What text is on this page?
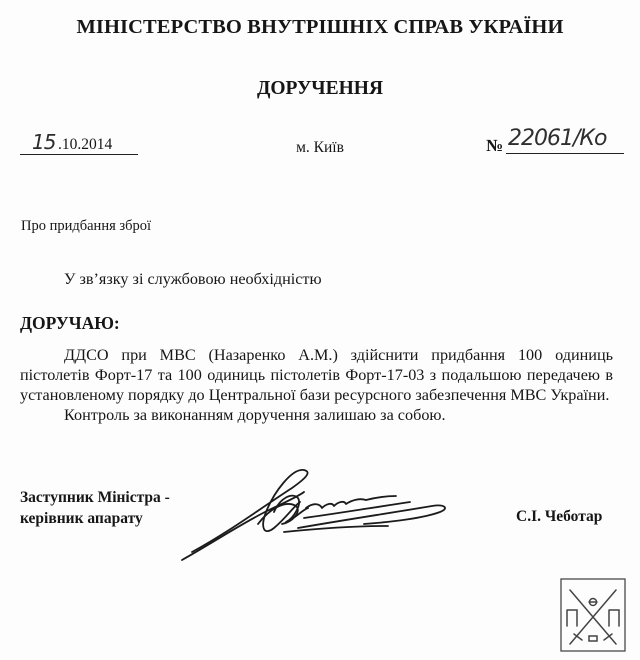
МІНІСТЕРСТВО ВНУТРІШНІХ СПРАВ УКРАЇНИ
ДОРУЧЕННЯ
15 .10.2014	м. Київ	№ 22061/Ко
Про придбання зброї
У зв’язку зі службовою необхідністю
ДОРУЧАЮ:

ДДСО при МВС (Назаренко А.М.) здійснити придбання 100 одиниць пістолетів Форт-17 та 100 одиниць пістолетів Форт-17-03 з подальшою передачею в установленому порядку до Центральної бази ресурсного забезпечення МВС України.

Контроль за виконанням доручення залишаю за собою.

Заступник Міністра -
керівник апарату	С.І. Чеботар
